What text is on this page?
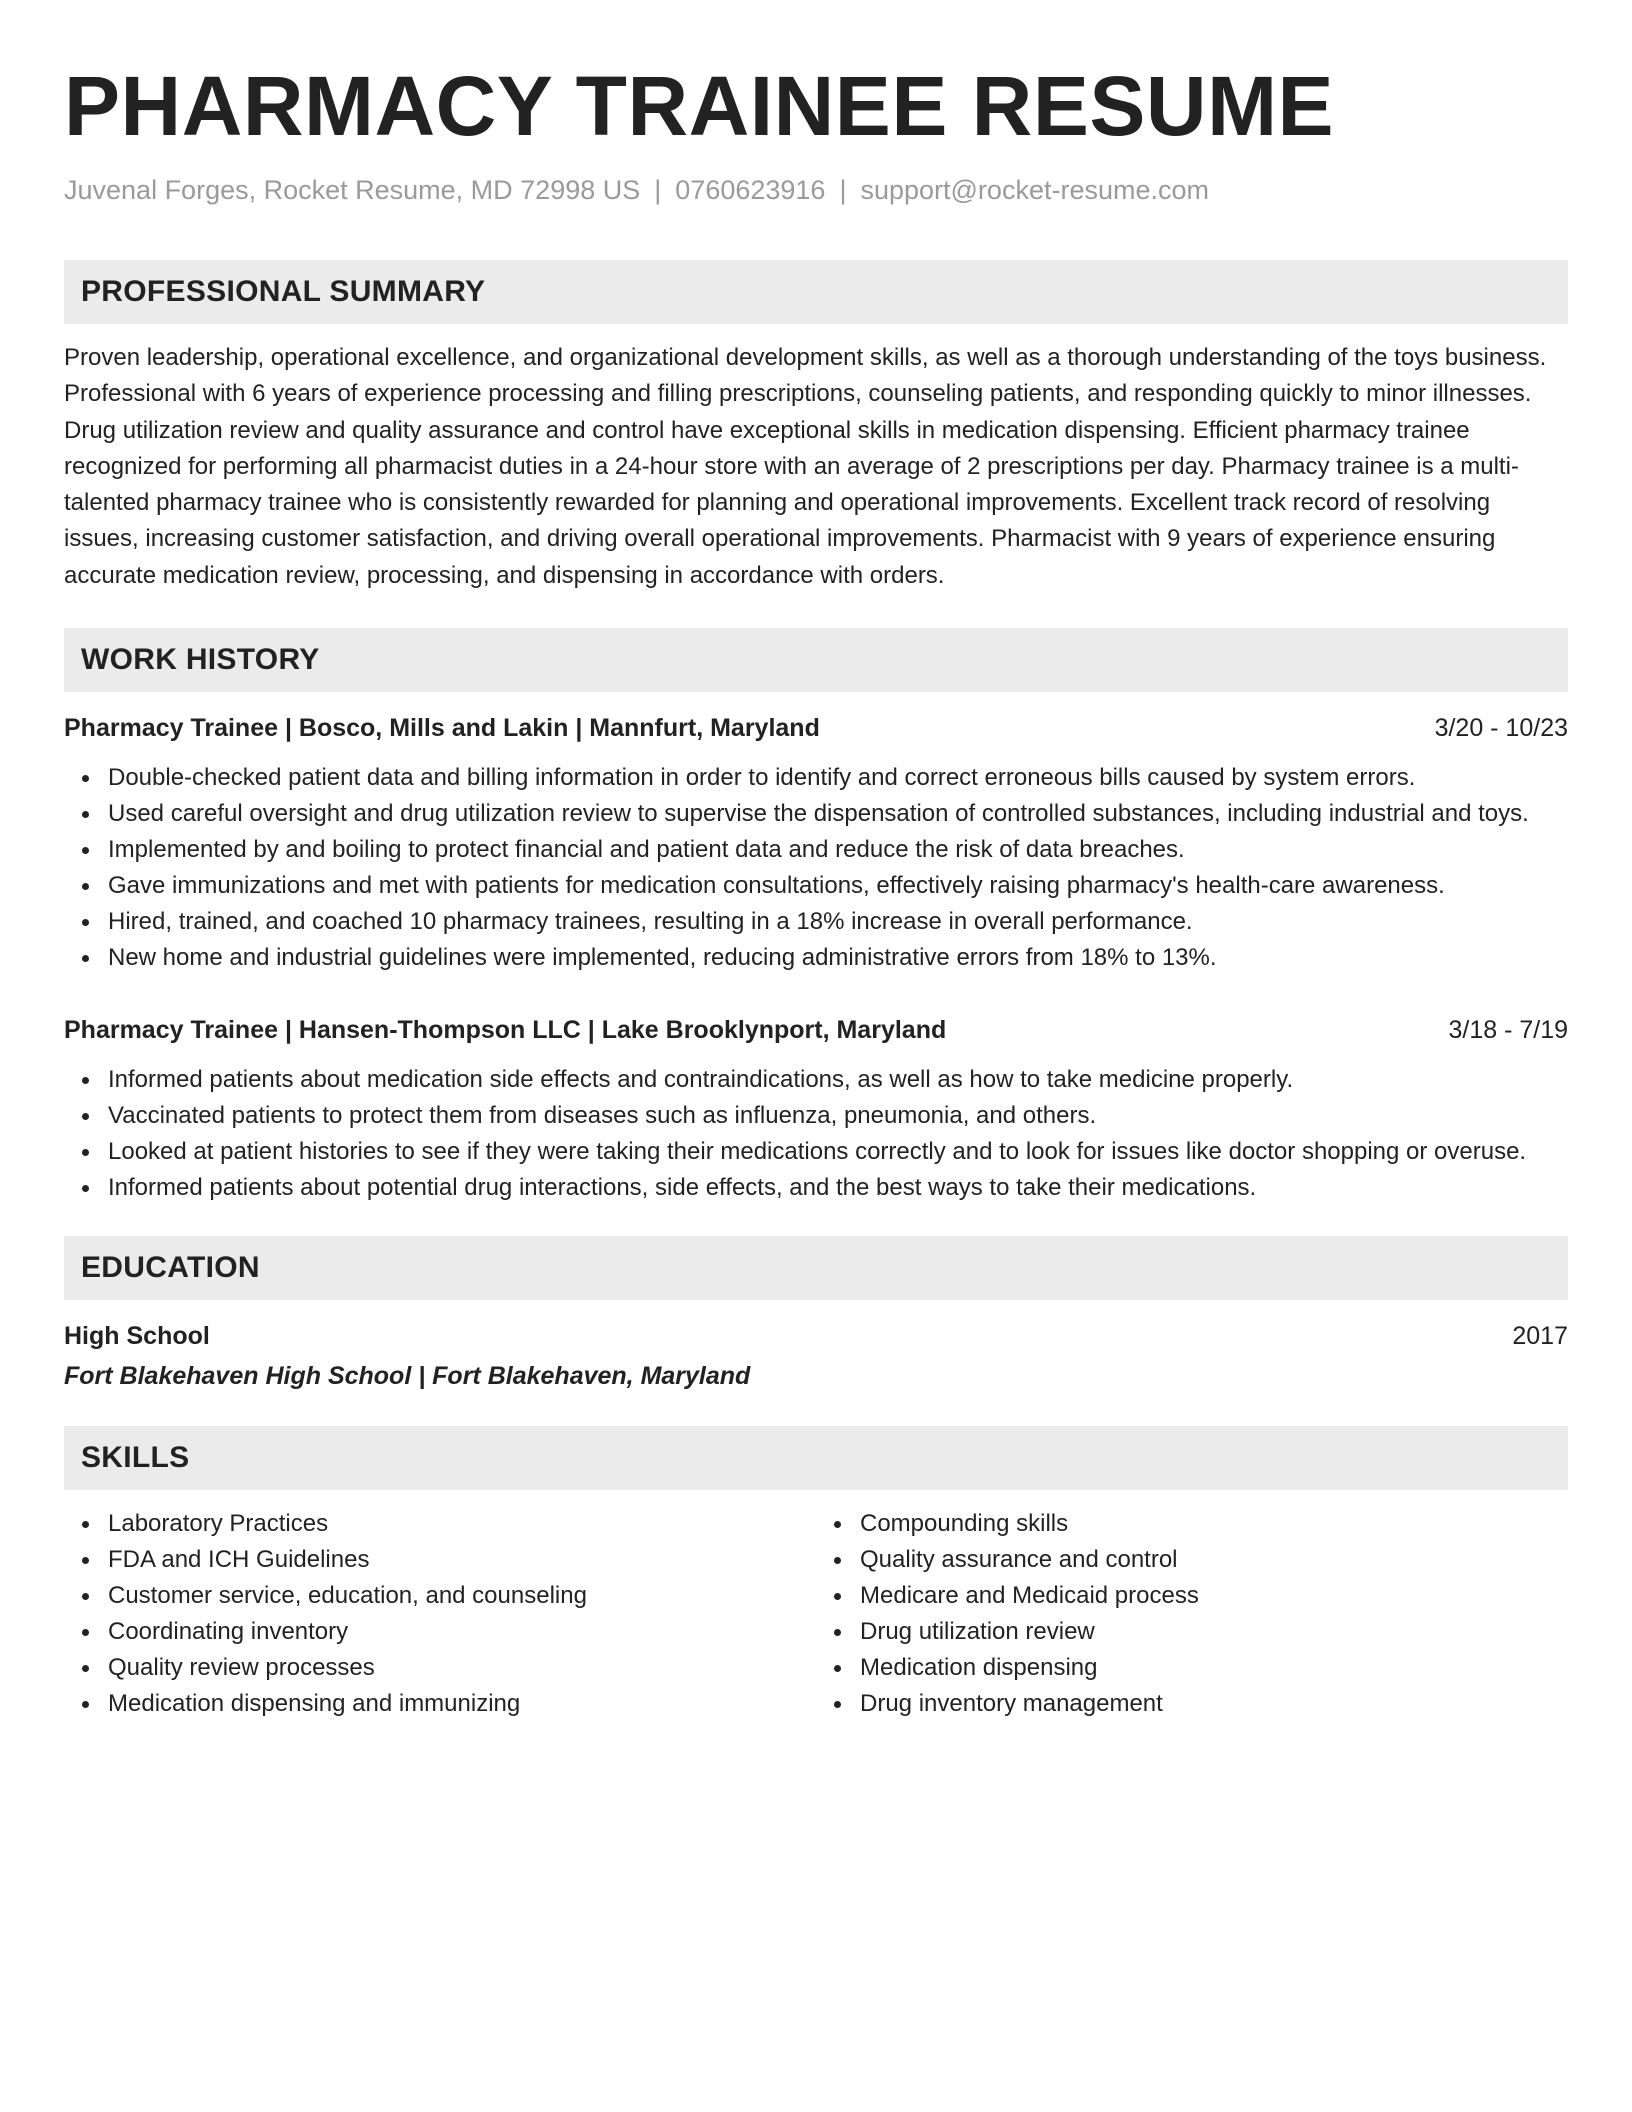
PHARMACY TRAINEE RESUME
Juvenal Forges, Rocket Resume, MD 72998 US | 0760623916 | support@rocket-resume.com
PROFESSIONAL SUMMARY
Proven leadership, operational excellence, and organizational development skills, as well as a thorough understanding of the toys business. Professional with 6 years of experience processing and filling prescriptions, counseling patients, and responding quickly to minor illnesses. Drug utilization review and quality assurance and control have exceptional skills in medication dispensing. Efficient pharmacy trainee recognized for performing all pharmacist duties in a 24-hour store with an average of 2 prescriptions per day. Pharmacy trainee is a multi-talented pharmacy trainee who is consistently rewarded for planning and operational improvements. Excellent track record of resolving issues, increasing customer satisfaction, and driving overall operational improvements. Pharmacist with 9 years of experience ensuring accurate medication review, processing, and dispensing in accordance with orders.
WORK HISTORY
Pharmacy Trainee | Bosco, Mills and Lakin | Mannfurt, Maryland	3/20 - 10/23
Double-checked patient data and billing information in order to identify and correct erroneous bills caused by system errors.
Used careful oversight and drug utilization review to supervise the dispensation of controlled substances, including industrial and toys.
Implemented by and boiling to protect financial and patient data and reduce the risk of data breaches.
Gave immunizations and met with patients for medication consultations, effectively raising pharmacy's health-care awareness.
Hired, trained, and coached 10 pharmacy trainees, resulting in a 18% increase in overall performance.
New home and industrial guidelines were implemented, reducing administrative errors from 18% to 13%.
Pharmacy Trainee | Hansen-Thompson LLC | Lake Brooklynport, Maryland	3/18 - 7/19
Informed patients about medication side effects and contraindications, as well as how to take medicine properly.
Vaccinated patients to protect them from diseases such as influenza, pneumonia, and others.
Looked at patient histories to see if they were taking their medications correctly and to look for issues like doctor shopping or overuse.
Informed patients about potential drug interactions, side effects, and the best ways to take their medications.
EDUCATION
High School	2017
Fort Blakehaven High School | Fort Blakehaven, Maryland
SKILLS
Laboratory Practices
FDA and ICH Guidelines
Customer service, education, and counseling
Coordinating inventory
Quality review processes
Medication dispensing and immunizing
Compounding skills
Quality assurance and control
Medicare and Medicaid process
Drug utilization review
Medication dispensing
Drug inventory management
